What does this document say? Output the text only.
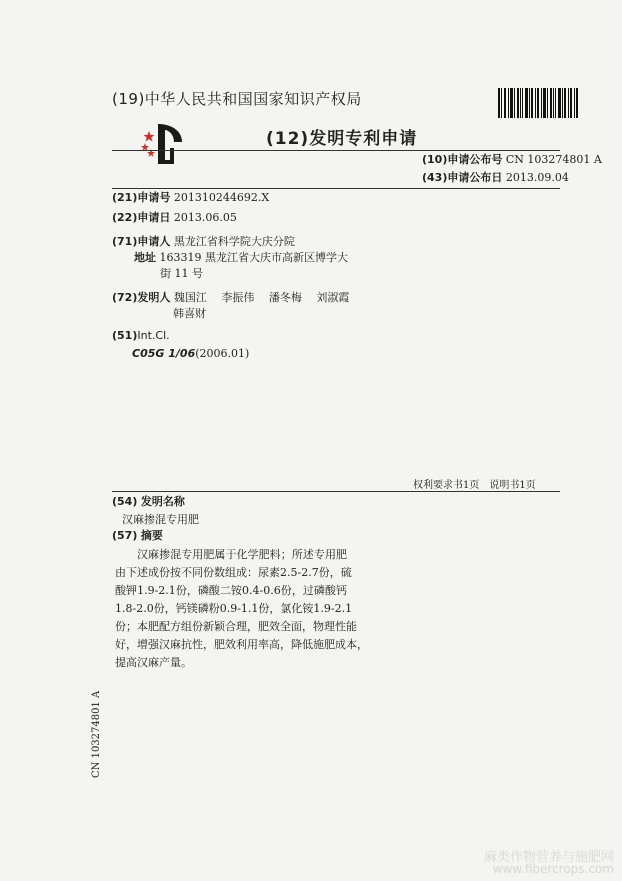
(19)中华人民共和国国家知识产权局
(12)发明专利申请
(10)申请公布号 CN 103274801 A
(43)申请公布日 2013.09.04
(21)申请号 201310244692.X
(22)申请日 2013.06.05
(71)申请人 黑龙江省科学院大庆分院
地址 163319 黑龙江省大庆市高新区博学大
街 11 号
(72)发明人 魏国江　 李振伟　 潘冬梅　 刘淑霞
韩喜财
(51)Int.Cl.
C05G 1/06(2006.01)
权利要求书1页　说明书1页
(54) 发明名称
汉麻掺混专用肥
(57) 摘要
汉麻掺混专用肥属于化学肥料；所述专用肥
由下述成份按不同份数组成：尿素2.5-2.7份，硫
酸钾1.9-2.1份，磷酸二铵0.4-0.6份，过磷酸钙
1.8-2.0份，钙镁磷粉0.9-1.1份，氯化铵1.9-2.1
份；本肥配方组份新颖合理，肥效全面，物理性能
好，增强汉麻抗性，肥效利用率高，降低施肥成本，
提高汉麻产量。
CN 103274801 A
麻类作物营养与施肥网
www.fibercrops.com
